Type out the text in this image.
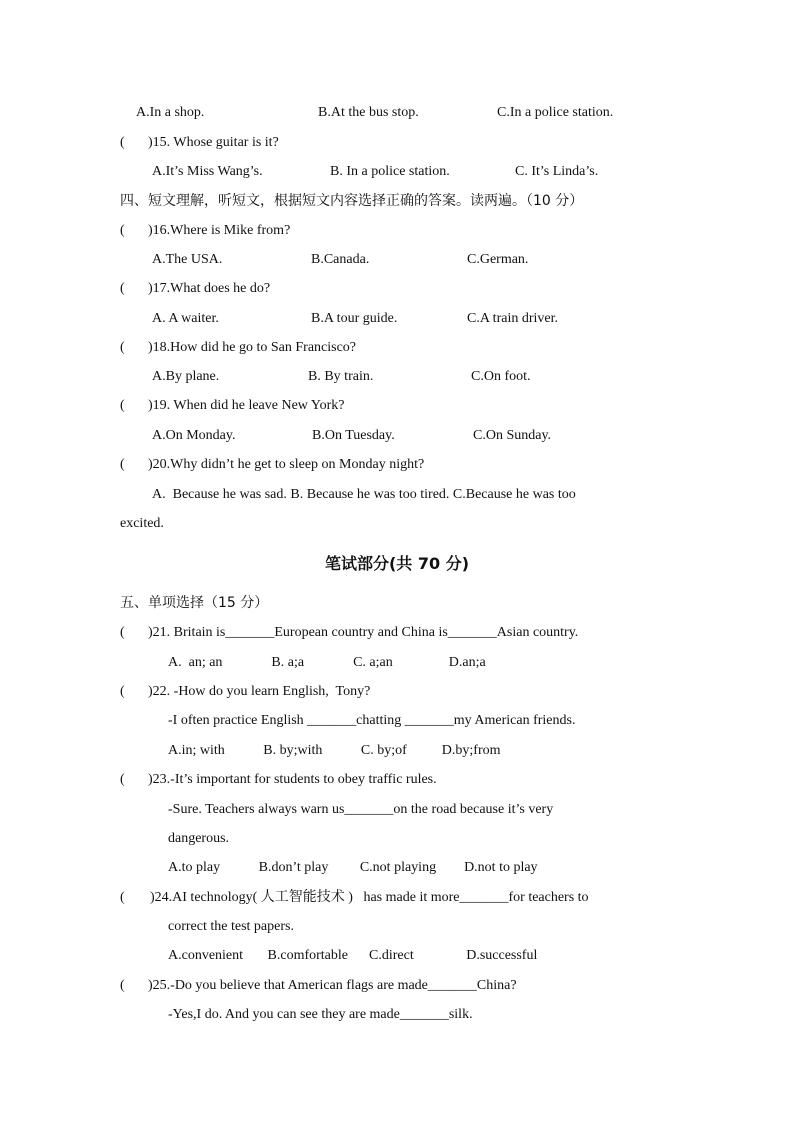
A.In a shop.	B.At the bus stop.	C.In a police station.
( )15. Whose guitar is it?
A.It’s Miss Wang’s.	B. In a police station.	C. It’s Linda’s.
四、短文理解，听短文，根据短文内容选择正确的答案。读两遍。（10 分）
( )16.Where is Mike from?
A.The USA.	B.Canada.	C.German.
( )17.What does he do?
A. A waiter.	B.A tour guide.	C.A train driver.
( )18.How did he go to San Francisco?
A.By plane.	B. By train.	C.On foot.
( )19. When did he leave New York?
A.On Monday.	B.On Tuesday.	C.On Sunday.
( )20.Why didn’t he get to sleep on Monday night?
A.  Because he was sad. B. Because he was too tired. C.Because he was too
excited.
笔试部分(共 70 分)
五、单项选择（15 分）
( )21. Britain is_______European country and China is_______Asian country.
A.  an; an              B. a;a              C. a;an                D.an;a
( )22. -How do you learn English,  Tony?
-I often practice English _______chatting _______my American friends.
A.in; with           B. by;with           C. by;of          D.by;from
( )23.-It’s important for students to obey traffic rules.
-Sure. Teachers always warn us_______on the road because it’s very
dangerous.
A.to play           B.don’t play         C.not playing        D.not to play
( )24.AI technology( 人工智能技术 )   has made it more_______for teachers to
correct the test papers.
A.convenient       B.comfortable      C.direct               D.successful
( )25.-Do you believe that American flags are made_______China?
-Yes,I do. And you can see they are made_______silk.
